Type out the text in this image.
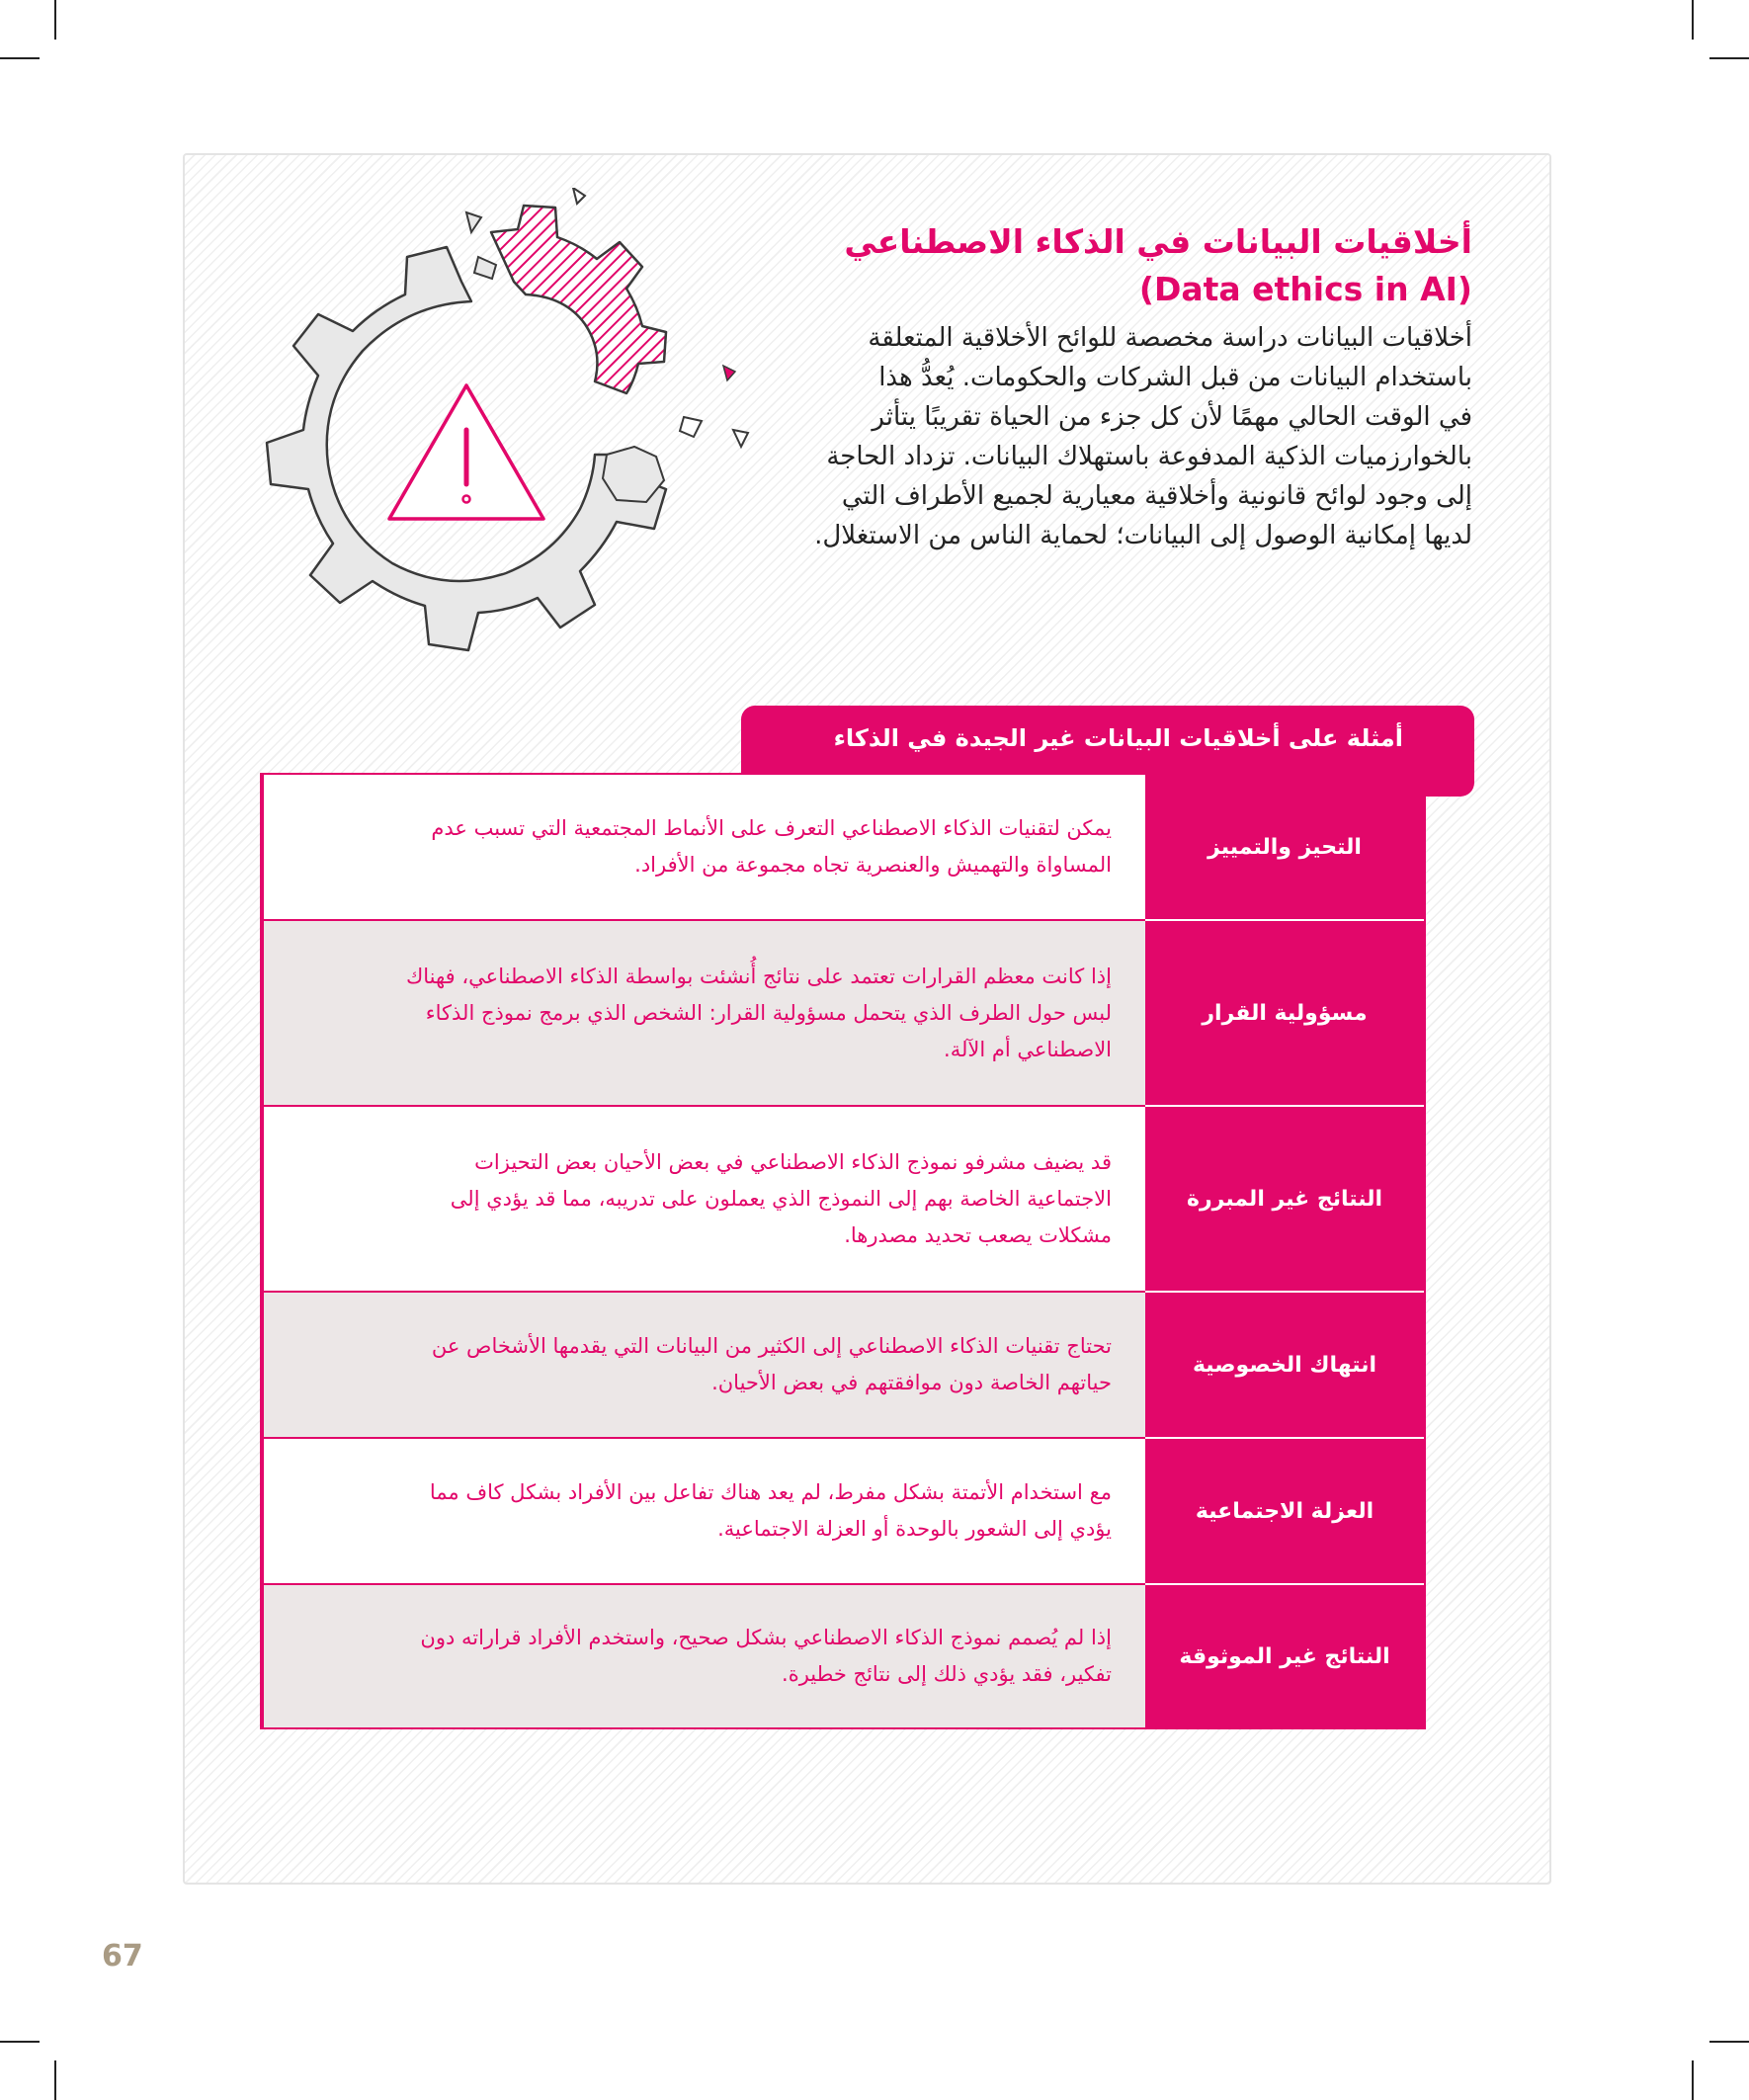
أخلاقيات البيانات في الذكاء الاصطناعي
(Data ethics in AI)
أخلاقيات البيانات دراسة مخصصة للوائح الأخلاقية المتعلقة
باستخدام البيانات من قبل الشركات والحكومات. يُعدُّ هذا
في الوقت الحالي مهمًا لأن كل جزء من الحياة تقريبًا يتأثر
بالخوارزميات الذكية المدفوعة باستهلاك البيانات. تزداد الحاجة
إلى وجود لوائح قانونية وأخلاقية معيارية لجميع الأطراف التي
لديها إمكانية الوصول إلى البيانات؛ لحماية الناس من الاستغلال.
أمثلة على أخلاقيات البيانات غير الجيدة في الذكاء
التحيز والتمييز
يمكن لتقنيات الذكاء الاصطناعي التعرف على الأنماط المجتمعية التي تسبب عدم
المساواة والتهميش والعنصرية تجاه مجموعة من الأفراد.
مسؤولية القرار
إذا كانت معظم القرارات تعتمد على نتائج أُنشئت بواسطة الذكاء الاصطناعي، فهناك
لبس حول الطرف الذي يتحمل مسؤولية القرار: الشخص الذي برمج نموذج الذكاء
الاصطناعي أم الآلة.
النتائج غير المبررة
قد يضيف مشرفو نموذج الذكاء الاصطناعي في بعض الأحيان بعض التحيزات
الاجتماعية الخاصة بهم إلى النموذج الذي يعملون على تدريبه، مما قد يؤدي إلى
مشكلات يصعب تحديد مصدرها.
انتهاك الخصوصية
تحتاج تقنيات الذكاء الاصطناعي إلى الكثير من البيانات التي يقدمها الأشخاص عن
حياتهم الخاصة دون موافقتهم في بعض الأحيان.
العزلة الاجتماعية
مع استخدام الأتمتة بشكل مفرط، لم يعد هناك تفاعل بين الأفراد بشكل كاف مما
يؤدي إلى الشعور بالوحدة أو العزلة الاجتماعية.
النتائج غير الموثوقة
إذا لم يُصمم نموذج الذكاء الاصطناعي بشكل صحيح، واستخدم الأفراد قراراته دون
تفكير، فقد يؤدي ذلك إلى نتائج خطيرة.
67
